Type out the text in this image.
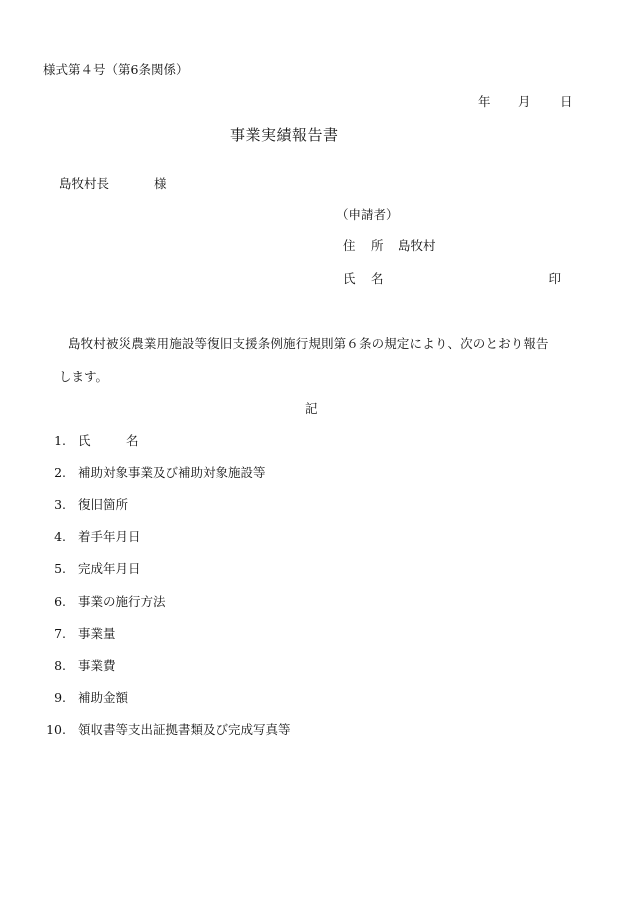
様式第４号（第6条関係）
年 月 日
事業実績報告書
島牧村長	様
（申請者）
住 所 島牧村
氏 名	印
島牧村被災農業用施設等復旧支援条例施行規則第６条の規定により、次のとおり報告
します。
記
1. 氏	名
2. 補助対象事業及び補助対象施設等
3. 復旧箇所
4. 着手年月日
5. 完成年月日
6. 事業の施行方法
7. 事業量
8. 事業費
9. 補助金額
10. 領収書等支出証拠書類及び完成写真等
